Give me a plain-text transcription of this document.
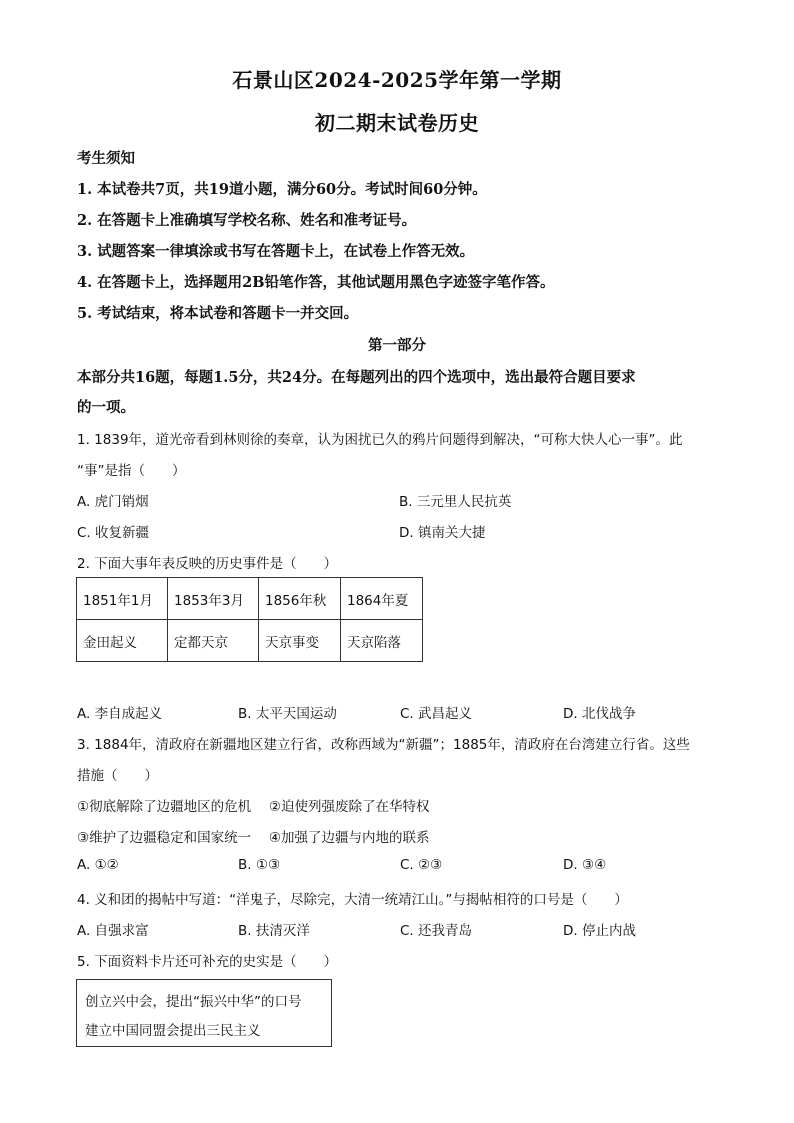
石景山区2024-2025学年第一学期
初二期末试卷历史
考生须知
1. 本试卷共7页，共19道小题，满分60分。考试时间60分钟。
2. 在答题卡上准确填写学校名称、姓名和准考证号。
3. 试题答案一律填涂或书写在答题卡上，在试卷上作答无效。
4. 在答题卡上，选择题用2B铅笔作答，其他试题用黑色字迹签字笔作答。
5. 考试结束，将本试卷和答题卡一并交回。
第一部分
本部分共16题，每题1.5分，共24分。在每题列出的四个选项中，选出最符合题目要求
的一项。
1. 1839年，道光帝看到林则徐的奏章，认为困扰已久的鸦片问题得到解决，“可称大快人心一事”。此
“事”是指（　　）
A. 虎门销烟	B. 三元里人民抗英
C. 收复新疆	D. 镇南关大捷
2. 下面大事年表反映的历史事件是（　　）
1851年1月	1853年3月	1856年秋	1864年夏
金田起义	定都天京	天京事变	天京陷落
A. 李自成起义	B. 太平天国运动	C. 武昌起义	D. 北伐战争
3. 1884年，清政府在新疆地区建立行省，改称西域为“新疆”；1885年，清政府在台湾建立行省。这些
措施（　　）
①彻底解除了边疆地区的危机　 ②迫使列强废除了在华特权
③维护了边疆稳定和国家统一　 ④加强了边疆与内地的联系
A. ①②	B. ①③	C. ②③	D. ③④
4. 义和团的揭帖中写道：“洋鬼子，尽除完，大清一统靖江山。”与揭帖相符的口号是（　　）
A. 自强求富	B. 扶清灭洋	C. 还我青岛	D. 停止内战
5. 下面资料卡片还可补充的史实是（　　）
创立兴中会，提出“振兴中华”的口号
建立中国同盟会提出三民主义
